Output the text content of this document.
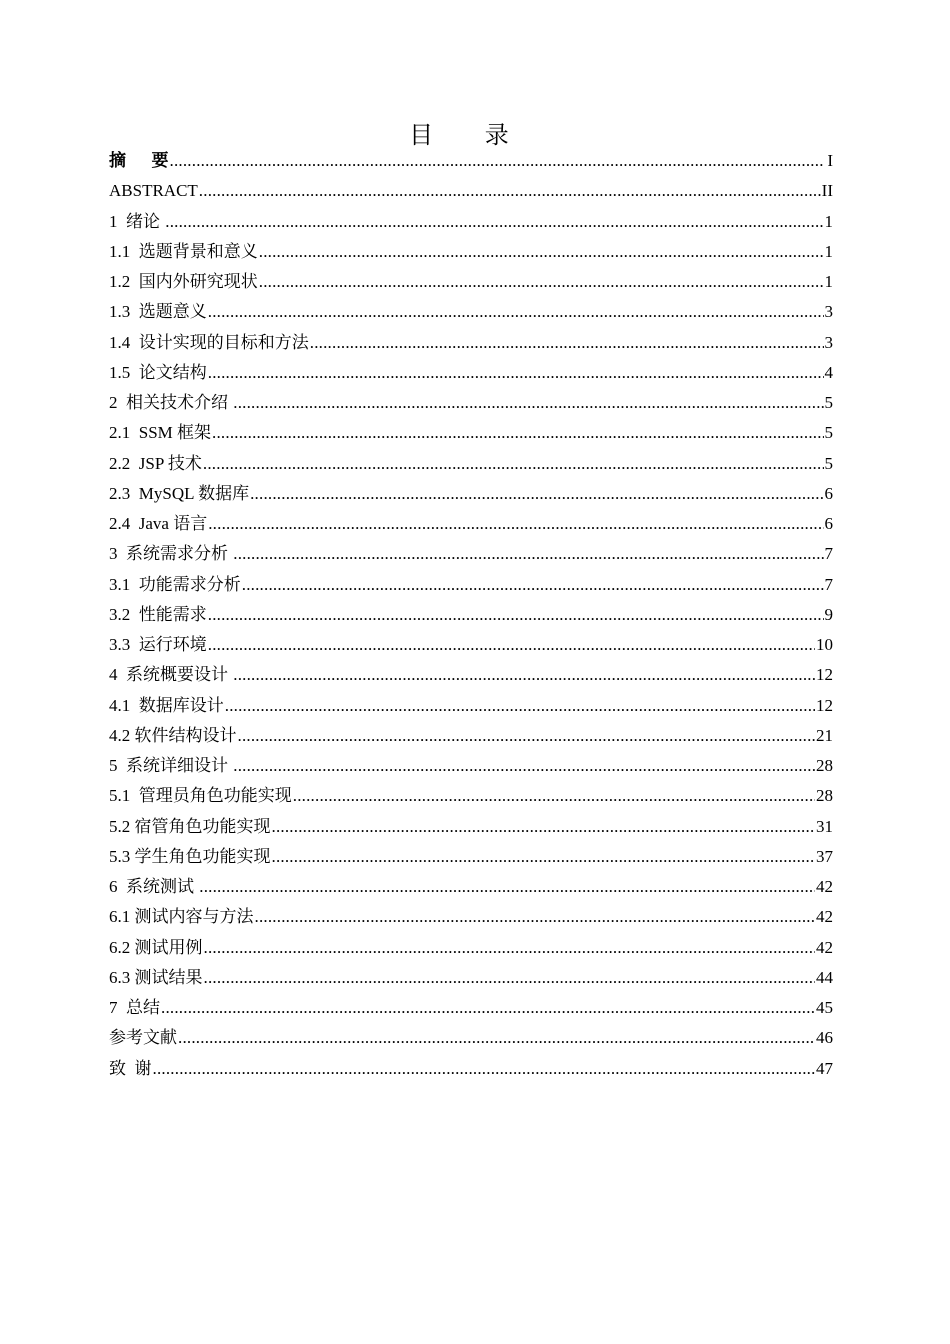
目 录
摘      要 .....	I
ABSTRACT .....	II
1  绪论 .....	1
1.1  选题背景和意义 .....	1
1.2  国内外研究现状 .....	1
1.3  选题意义 .....	3
1.4  设计实现的目标和方法 .....	3
1.5  论文结构 .....	4
2  相关技术介绍 .....	5
2.1  SSM 框架 .....	5
2.2  JSP 技术 .....	5
2.3  MySQL 数据库 .....	6
2.4  Java 语言 .....	6
3  系统需求分析 .....	7
3.1  功能需求分析 .....	7
3.2  性能需求 .....	9
3.3  运行环境 .....	10
4  系统概要设计 .....	12
4.1  数据库设计 .....	12
4.2 软件结构设计 .....	21
5  系统详细设计 .....	28
5.1  管理员角色功能实现 .....	28
5.2 宿管角色功能实现 .....	31
5.3 学生角色功能实现 .....	37
6  系统测试 .....	42
6.1 测试内容与方法 .....	42
6.2 测试用例 .....	42
6.3 测试结果 .....	44
7  总结 .....	45
参考文献 .....	46
致  谢 .....	47
